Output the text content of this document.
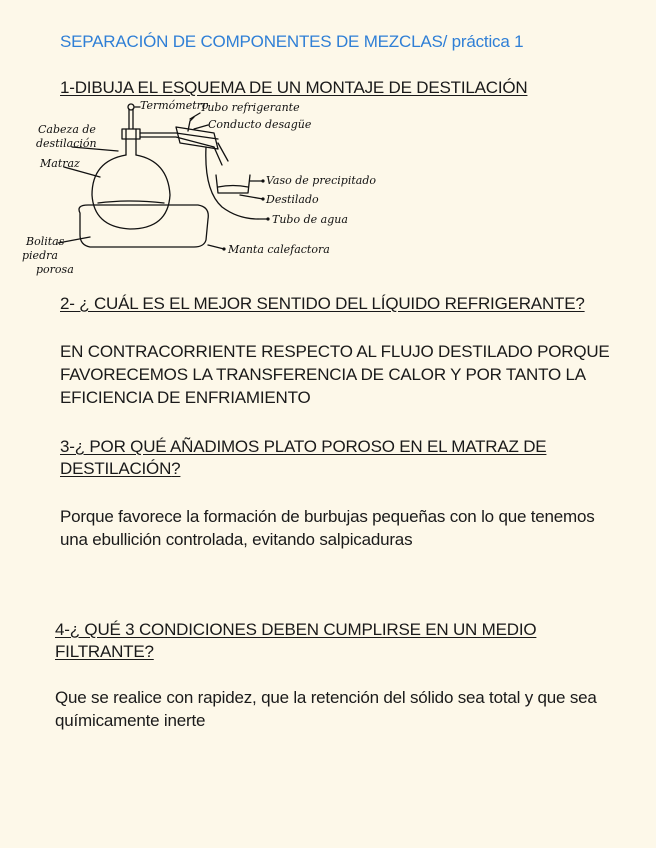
SEPARACIÓN DE COMPONENTES DE MEZCLAS/ práctica 1
1-DIBUJA EL ESQUEMA DE UN MONTAJE DE DESTILACIÓN
Termómetro
Tubo refrigerante
Conducto desagüe
Cabeza de
destilación
Matraz
Vaso de precipitado
Destilado
Tubo de agua
Manta calefactora
Bolitas
piedra
porosa
2- ¿ CUÁL ES EL MEJOR SENTIDO DEL LÍQUIDO REFRIGERANTE?
EN CONTRACORRIENTE RESPECTO AL FLUJO DESTILADO PORQUE FAVORECEMOS LA TRANSFERENCIA DE CALOR Y POR TANTO LA EFICIENCIA DE ENFRIAMIENTO
3-¿ POR QUÉ AÑADIMOS PLATO POROSO EN EL MATRAZ DE DESTILACIÓN?
Porque favorece la formación de burbujas pequeñas con lo que tenemos una ebullición controlada, evitando salpicaduras
4-¿ QUÉ 3 CONDICIONES DEBEN CUMPLIRSE EN UN MEDIO FILTRANTE?
Que se realice con rapidez, que la retención del sólido sea total y que sea químicamente inerte
